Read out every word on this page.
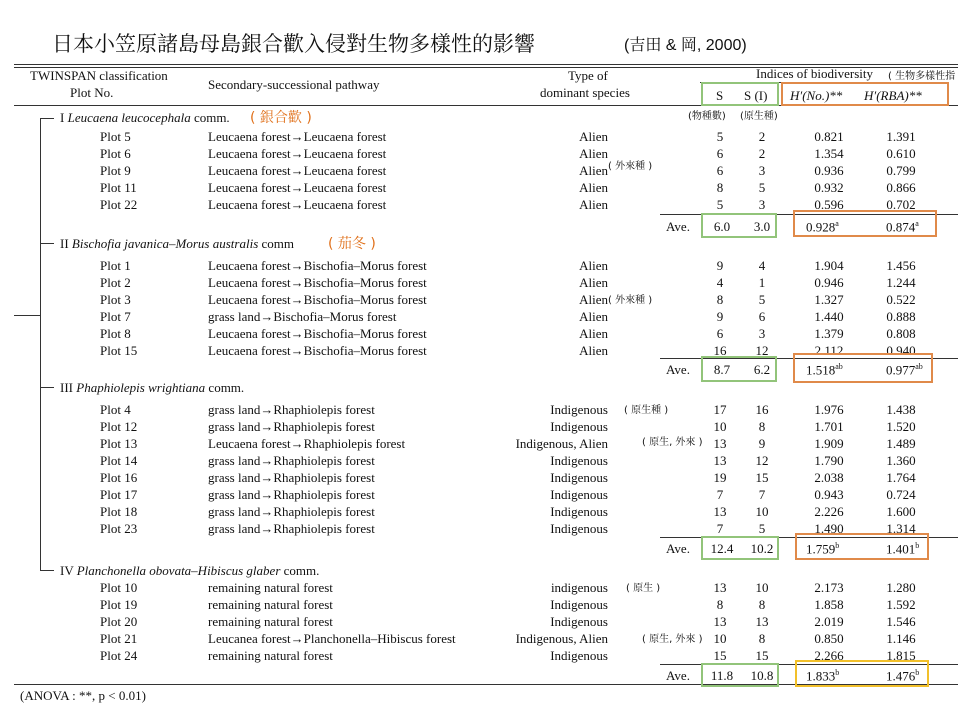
日本小笠原諸島母島銀合歡入侵對生物多樣性的影響	(吉田 & 岡, 2000)
TWINSPAN classification
Plot No.
Secondary-successional pathway
Type of
dominant species
Indices of biodiversity ( 生物多樣性指
S S (I) H′(No.)** H′(RBA)**
(物種數) (原生種)
I Leucaena leucocephala comm. ( 銀合歡 )
II Bischofia javanica–Morus australis comm ( 茄冬 )
III Phaphiolepis wrightiana comm.
IV Planchonella obovata–Hibiscus glaber comm.
Plot 5	Leucaena forest→Leucaena forest	Alien	5	2	0.821	1.391
Plot 6	Leucaena forest→Leucaena forest	Alien	6	2	1.354	0.610
Plot 9	Leucaena forest→Leucaena forest	Alien	6	3	0.936	0.799
Plot 11	Leucaena forest→Leucaena forest	Alien	8	5	0.932	0.866
Plot 22	Leucaena forest→Leucaena forest	Alien	5	3	0.596	0.702
Ave.	6.0	3.0	0.928$^a$	0.874$^a$
Plot 1	Leucaena forest→Bischofia–Morus forest	Alien	9	4	1.904	1.456
Plot 2	Leucaena forest→Bischofia–Morus forest	Alien	4	1	0.946	1.244
Plot 3	Leucaena forest→Bischofia–Morus forest	Alien	8	5	1.327	0.522
Plot 7	grass land→Bischofia–Morus forest	Alien	9	6	1.440	0.888
Plot 8	Leucaena forest→Bischofia–Morus forest	Alien	6	3	1.379	0.808
Plot 15	Leucaena forest→Bischofia–Morus forest	Alien	16	12	2.112	0.940
Ave.	8.7	6.2	1.518$^{ab}$	0.977$^{ab}$
Plot 4	grass land→Rhaphiolepis forest	Indigenous	17	16	1.976	1.438
Plot 12	grass land→Rhaphiolepis forest	Indigenous	10	8	1.701	1.520
Plot 13	Leucaena forest→Rhaphiolepis forest	Indigenous, Alien	13	9	1.909	1.489
Plot 14	grass land→Rhaphiolepis forest	Indigenous	13	12	1.790	1.360
Plot 16	grass land→Rhaphiolepis forest	Indigenous	19	15	2.038	1.764
Plot 17	grass land→Rhaphiolepis forest	Indigenous	7	7	0.943	0.724
Plot 18	grass land→Rhaphiolepis forest	Indigenous	13	10	2.226	1.600
Plot 23	grass land→Rhaphiolepis forest	Indigenous	7	5	1.490	1.314
Ave.	12.4	10.2	1.759$^b$	1.401$^b$
Plot 10	remaining natural forest	indigenous	13	10	2.173	1.280
Plot 19	remaining natural forest	Indigenous	8	8	1.858	1.592
Plot 20	remaining natural forest	Indigenous	13	13	2.019	1.546
Plot 21	Leucanea forest→Planchonella–Hibiscus forest	Indigenous, Alien	10	8	0.850	1.146
Plot 24	remaining natural forest	Indigenous	15	15	2.266	1.815
Ave.	11.8	10.8	1.833$^b$	1.476$^b$
( 外來種 )
( 外來種 )
( 原生種 )
( 原生, 外來 )
( 原生 )
( 原生, 外來 )
(ANOVA : **, p < 0.01)
